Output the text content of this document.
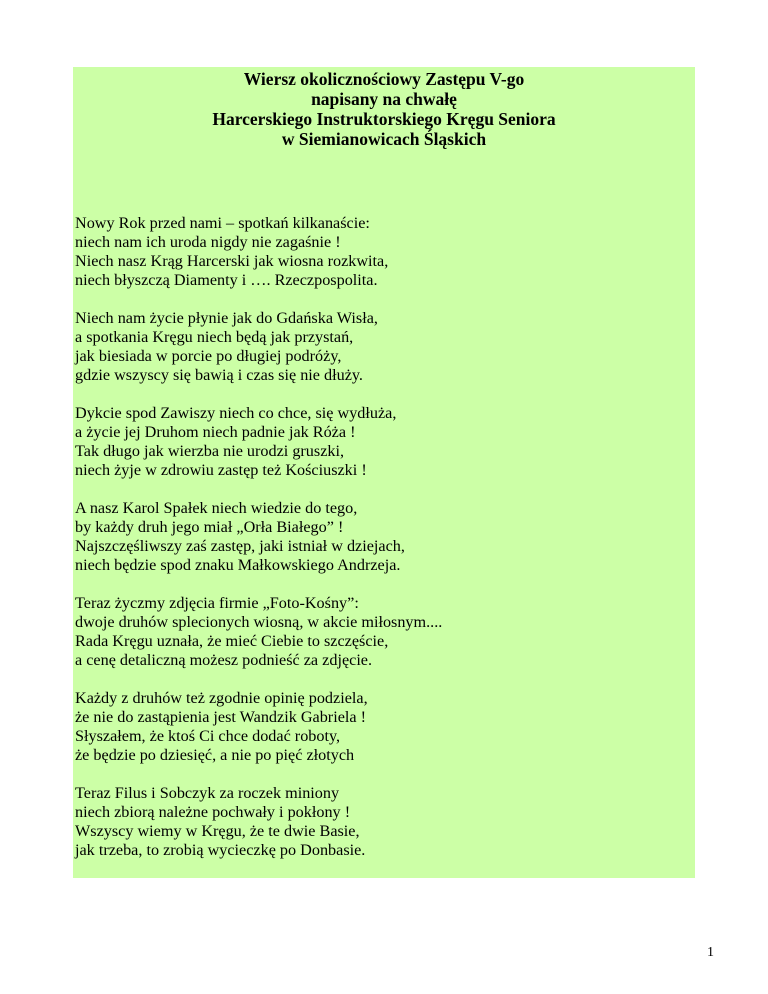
Wiersz okolicznościowy Zastępu V-go
napisany na chwałę
Harcerskiego Instruktorskiego Kręgu Seniora
w Siemianowicach Śląskich
Nowy Rok przed nami – spotkań kilkanaście:
niech nam ich uroda nigdy nie zagaśnie !
Niech nasz Krąg Harcerski jak wiosna rozkwita,
niech błyszczą Diamenty i …. Rzeczpospolita.
Niech nam życie płynie jak do Gdańska Wisła,
a spotkania Kręgu niech będą jak przystań,
jak biesiada w porcie po długiej podróży,
gdzie wszyscy się bawią i czas się nie dłuży.
Dykcie spod Zawiszy niech co chce, się wydłuża,
a życie jej Druhom niech padnie jak Róża !
Tak długo jak wierzba nie urodzi gruszki,
niech żyje w zdrowiu zastęp też Kościuszki !
A nasz Karol Spałek niech wiedzie do tego,
by każdy druh jego miał „Orła Białego” !
Najszczęśliwszy zaś zastęp, jaki istniał w dziejach,
niech będzie spod znaku Małkowskiego Andrzeja.
Teraz życzmy zdjęcia firmie „Foto-Kośny”:
dwoje druhów splecionych wiosną, w akcie miłosnym....
Rada Kręgu uznała, że mieć Ciebie to szczęście,
a cenę detaliczną możesz podnieść za zdjęcie.
Każdy z druhów też zgodnie opinię podziela,
że nie do zastąpienia jest Wandzik Gabriela !
Słyszałem, że ktoś Ci chce dodać roboty,
że będzie po dziesięć, a nie po pięć złotych
Teraz Filus i Sobczyk za roczek miniony
niech zbiorą należne pochwały i pokłony !
Wszyscy wiemy w Kręgu, że te dwie Basie,
jak trzeba, to zrobią wycieczkę po Donbasie.
1
